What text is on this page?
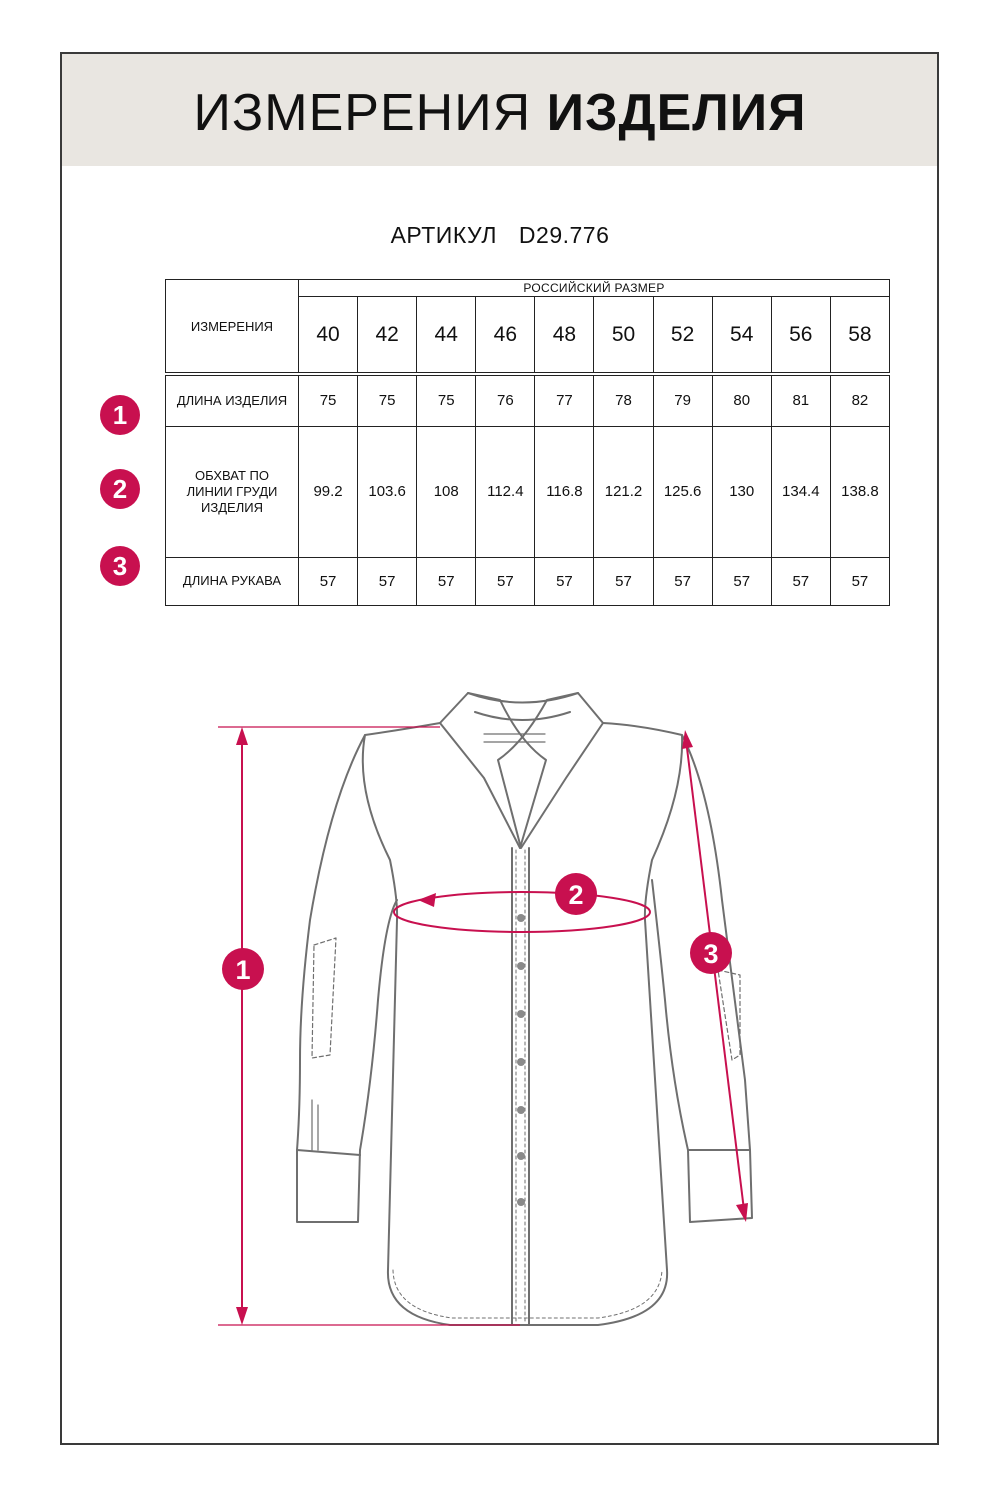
ИЗМЕРЕНИЯ ИЗДЕЛИЯ
АРТИКУЛ D29.776
ИЗМЕРЕНИЯ	РОССИЙСКИЙ РАЗМЕР									
	40	42	44	46	48	50	52	54	56	58
ДЛИНА ИЗДЕЛИЯ	75	75	75	76	77	78	79	80	81	82

ОБХВАТ ПО
ЛИНИИ ГРУДИ
ИЗДЕЛИЯ	99.2	103.6	108	112.4	116.8	121.2	125.6	130	134.4	138.8
ДЛИНА РУКАВА	57	57	57	57	57	57	57	57	57	57
1
2
3
1
2
3
